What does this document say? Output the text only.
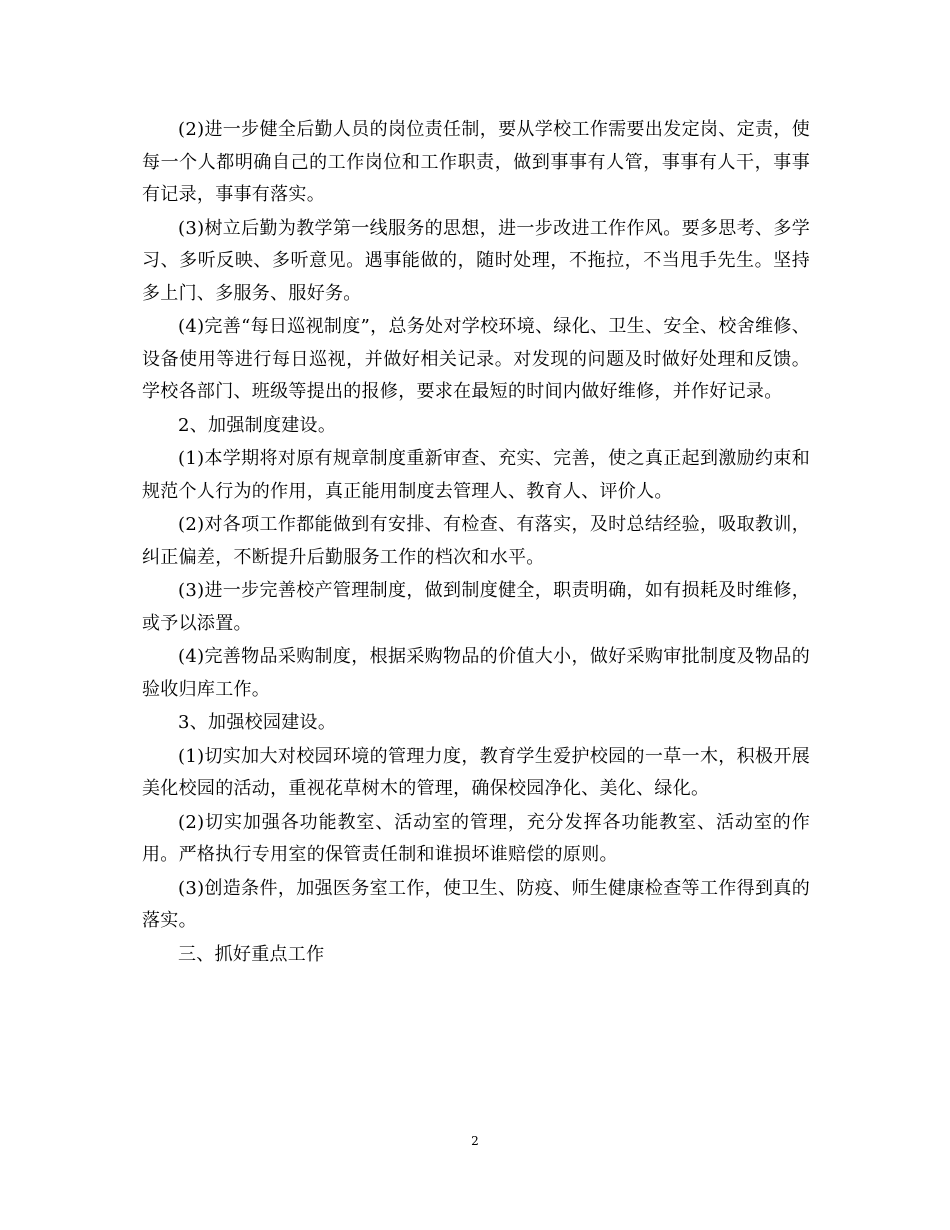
(2)进一步健全后勤人员的岗位责任制，要从学校工作需要出发定岗、定责，使每一个人都明确自己的工作岗位和工作职责，做到事事有人管，事事有人干，事事有记录，事事有落实。

(3)树立后勤为教学第一线服务的思想，进一步改进工作作风。要多思考、多学习、多听反映、多听意见。遇事能做的，随时处理，不拖拉，不当甩手先生。坚持多上门、多服务、服好务。

(4)完善“每日巡视制度”，总务处对学校环境、绿化、卫生、安全、校舍维修、设备使用等进行每日巡视，并做好相关记录。对发现的问题及时做好处理和反馈。学校各部门、班级等提出的报修，要求在最短的时间内做好维修，并作好记录。

2、加强制度建设。

(1)本学期将对原有规章制度重新审查、充实、完善，使之真正起到激励约束和规范个人行为的作用，真正能用制度去管理人、教育人、评价人。

(2)对各项工作都能做到有安排、有检查、有落实，及时总结经验，吸取教训，纠正偏差，不断提升后勤服务工作的档次和水平。

(3)进一步完善校产管理制度，做到制度健全，职责明确，如有损耗及时维修，或予以添置。

(4)完善物品采购制度，根据采购物品的价值大小，做好采购审批制度及物品的验收归库工作。

3、加强校园建设。

(1)切实加大对校园环境的管理力度，教育学生爱护校园的一草一木，积极开展美化校园的活动，重视花草树木的管理，确保校园净化、美化、绿化。

(2)切实加强各功能教室、活动室的管理，充分发挥各功能教室、活动室的作用。严格执行专用室的保管责任制和谁损坏谁赔偿的原则。

(3)创造条件，加强医务室工作，使卫生、防疫、师生健康检查等工作得到真的落实。

三、抓好重点工作

2
